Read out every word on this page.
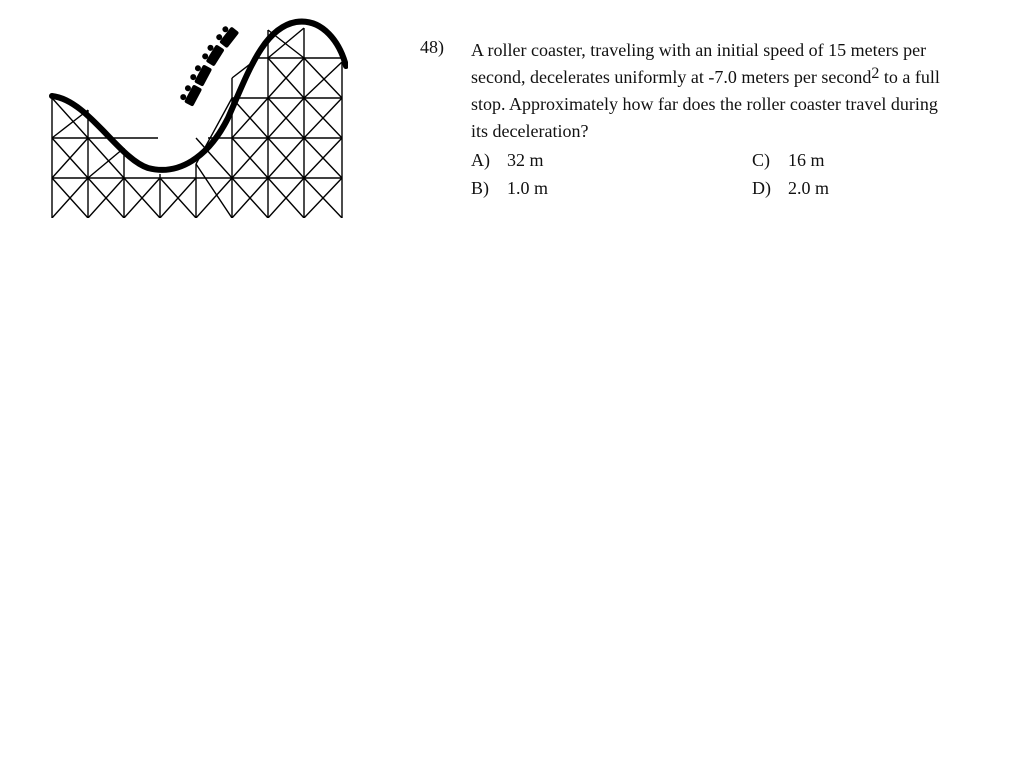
48) A roller coaster, traveling with an initial speed of 15 meters per
second, decelerates uniformly at -7.0 meters per second$^2$ to a full
stop. Approximately how far does the roller coaster travel during
its deceleration?
A) 32 m
B) 1.0 m
C) 16 m
D) 2.0 m
